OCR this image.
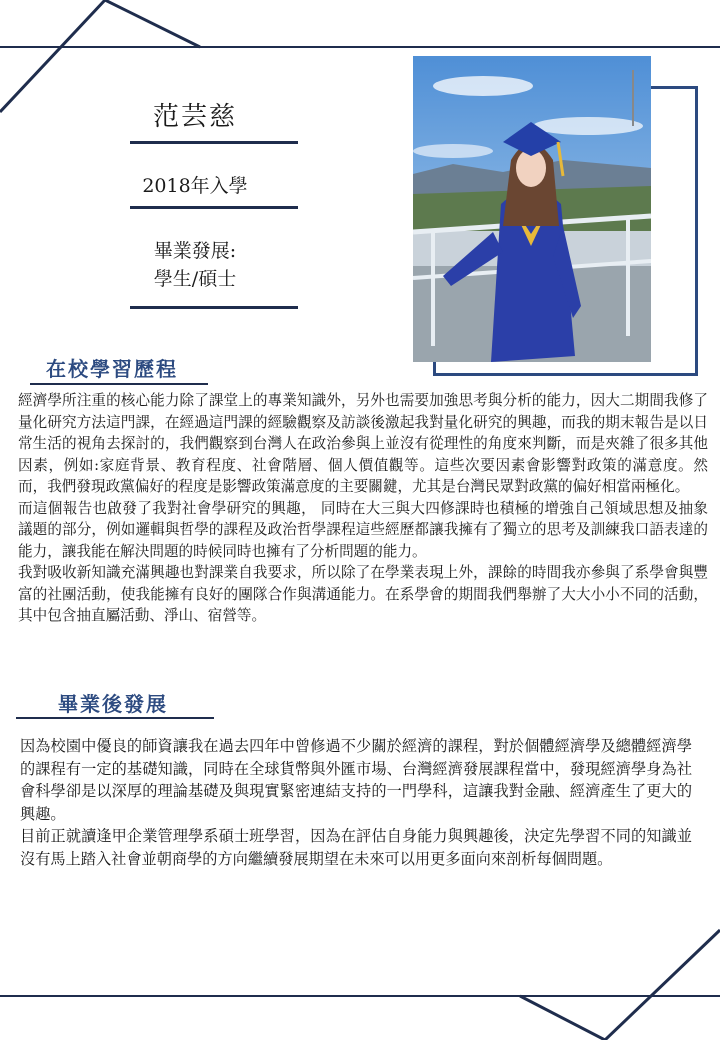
范芸慈
2018年入學
畢業發展:
學生/碩士
在校學習歷程

經濟學所注重的核心能力除了課堂上的專業知識外，另外也需要加強思考與分析的能力，因大二期間我修了量化研究方法這門課，在經過這門課的經驗觀察及訪談後激起我對量化研究的興趣，而我的期末報告是以日常生活的視角去探討的，我們觀察到台灣人在政治參與上並沒有從理性的角度來判斷，而是夾雜了很多其他因素，例如:家庭背景、教育程度、社會階層、個人價值觀等。這些次要因素會影響對政策的滿意度。然而，我們發現政黨偏好的程度是影響政策滿意度的主要關鍵，尤其是台灣民眾對政黨的偏好相當兩極化。

而這個報告也啟發了我對社會學研究的興趣， 同時在大三與大四修課時也積極的增強自己領域思想及抽象議題的部分，例如邏輯與哲學的課程及政治哲學課程這些經歷都讓我擁有了獨立的思考及訓練我口語表達的能力，讓我能在解決問題的時候同時也擁有了分析問題的能力。

我對吸收新知識充滿興趣也對課業自我要求，所以除了在學業表現上外，課餘的時間我亦參與了系學會與豐富的社團活動，使我能擁有良好的團隊合作與溝通能力。在系學會的期間我們舉辦了大大小小不同的活動，其中包含抽直屬活動、淨山、宿營等。

畢業後發展

因為校園中優良的師資讓我在過去四年中曾修過不少關於經濟的課程，對於個體經濟學及總體經濟學的課程有一定的基礎知識，同時在全球貨幣與外匯市場、台灣經濟發展課程當中，發現經濟學身為社會科學卻是以深厚的理論基礎及與現實緊密連結支持的一門學科，這讓我對金融、經濟產生了更大的興趣。

目前正就讀逢甲企業管理學系碩士班學習，因為在評估自身能力與興趣後，決定先學習不同的知識並沒有馬上踏入社會並朝商學的方向繼續發展期望在未來可以用更多面向來剖析每個問題。
